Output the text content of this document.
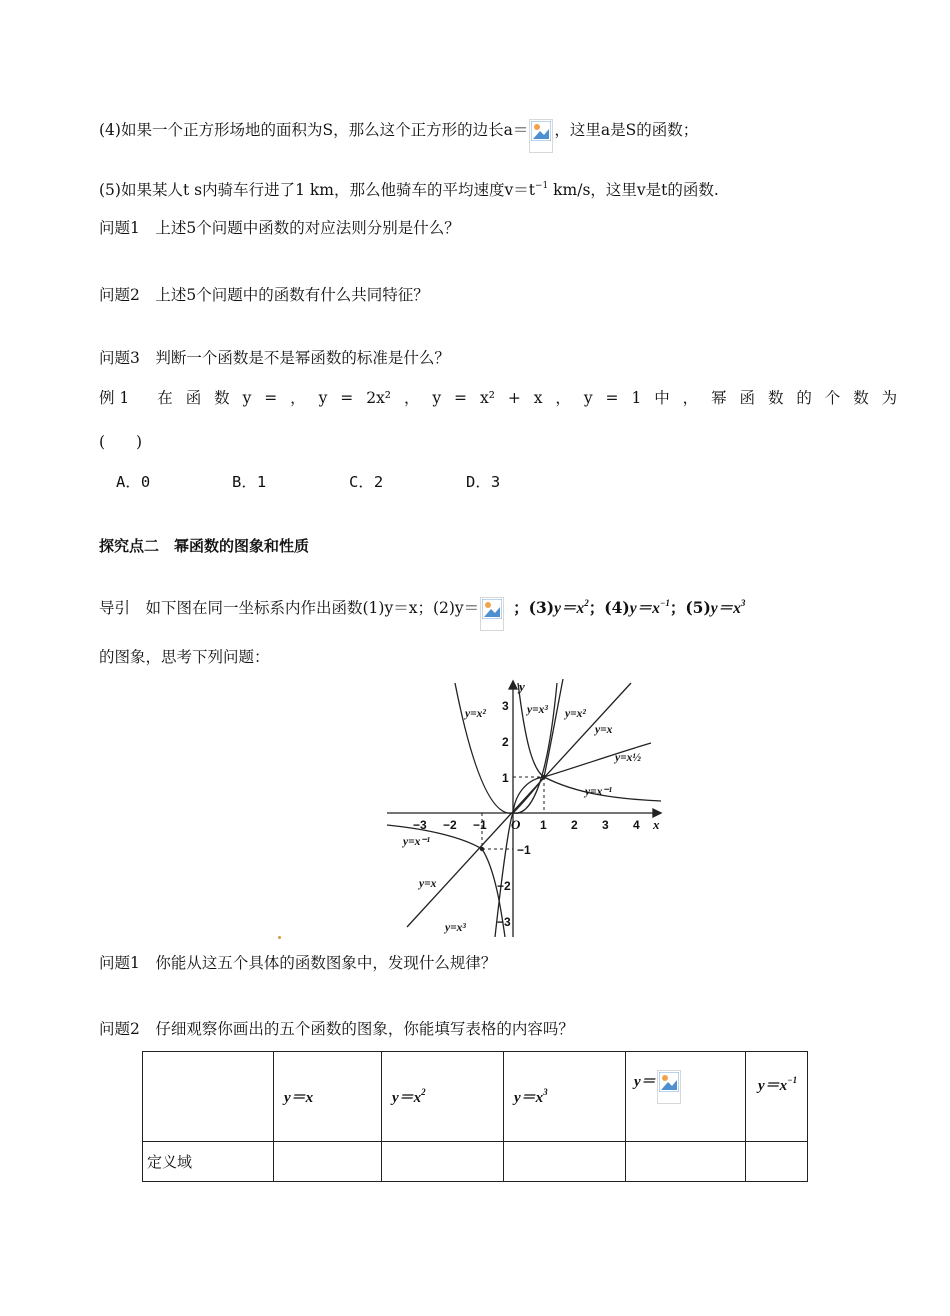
(4)如果一个正方形场地的面积为S，那么这个正方形的边长a＝ ，这里a是S的函数；
(5)如果某人t s内骑车行进了1 km，那么他骑车的平均速度$v=t^{-1}$ km/s，这里v是t的函数.
问题1　上述5个问题中函数的对应法则分别是什么？
问题2　上述5个问题中的函数有什么共同特征？
问题3　判断一个函数是不是幂函数的标准是什么？
例 1 在 函 数 y = ， y = 2x² ， y = x² + x ， y = 1 中 ， 幂 函 数 的 个 数 为
(　　)
A．0	B．1	C．2	D．3
探究点二　幂函数的图象和性质
导引　如下图在同一坐标系内作出函数(1)y＝x；(2)y＝ ；$(3)y=x^2$；$(4)y=x^{-1}$；$(5)y=x^3$
的图象，思考下列问题：
x
y
O
−3 −2 −1	1 2 3 4
3
2
1
−1
−2
−3
y=x²	y=x³ y=x²
y=x
y=x½
y=x⁻¹
y=x⁻¹
y=x
y=x³
问题1　你能从这五个具体的函数图象中，发现什么规律？
问题2　仔细观察你画出的五个函数的图象，你能填写表格的内容吗？
	y＝x	$y=x^2$	$y=x^3$	y＝	$y=x^{-1}$
定义域					
